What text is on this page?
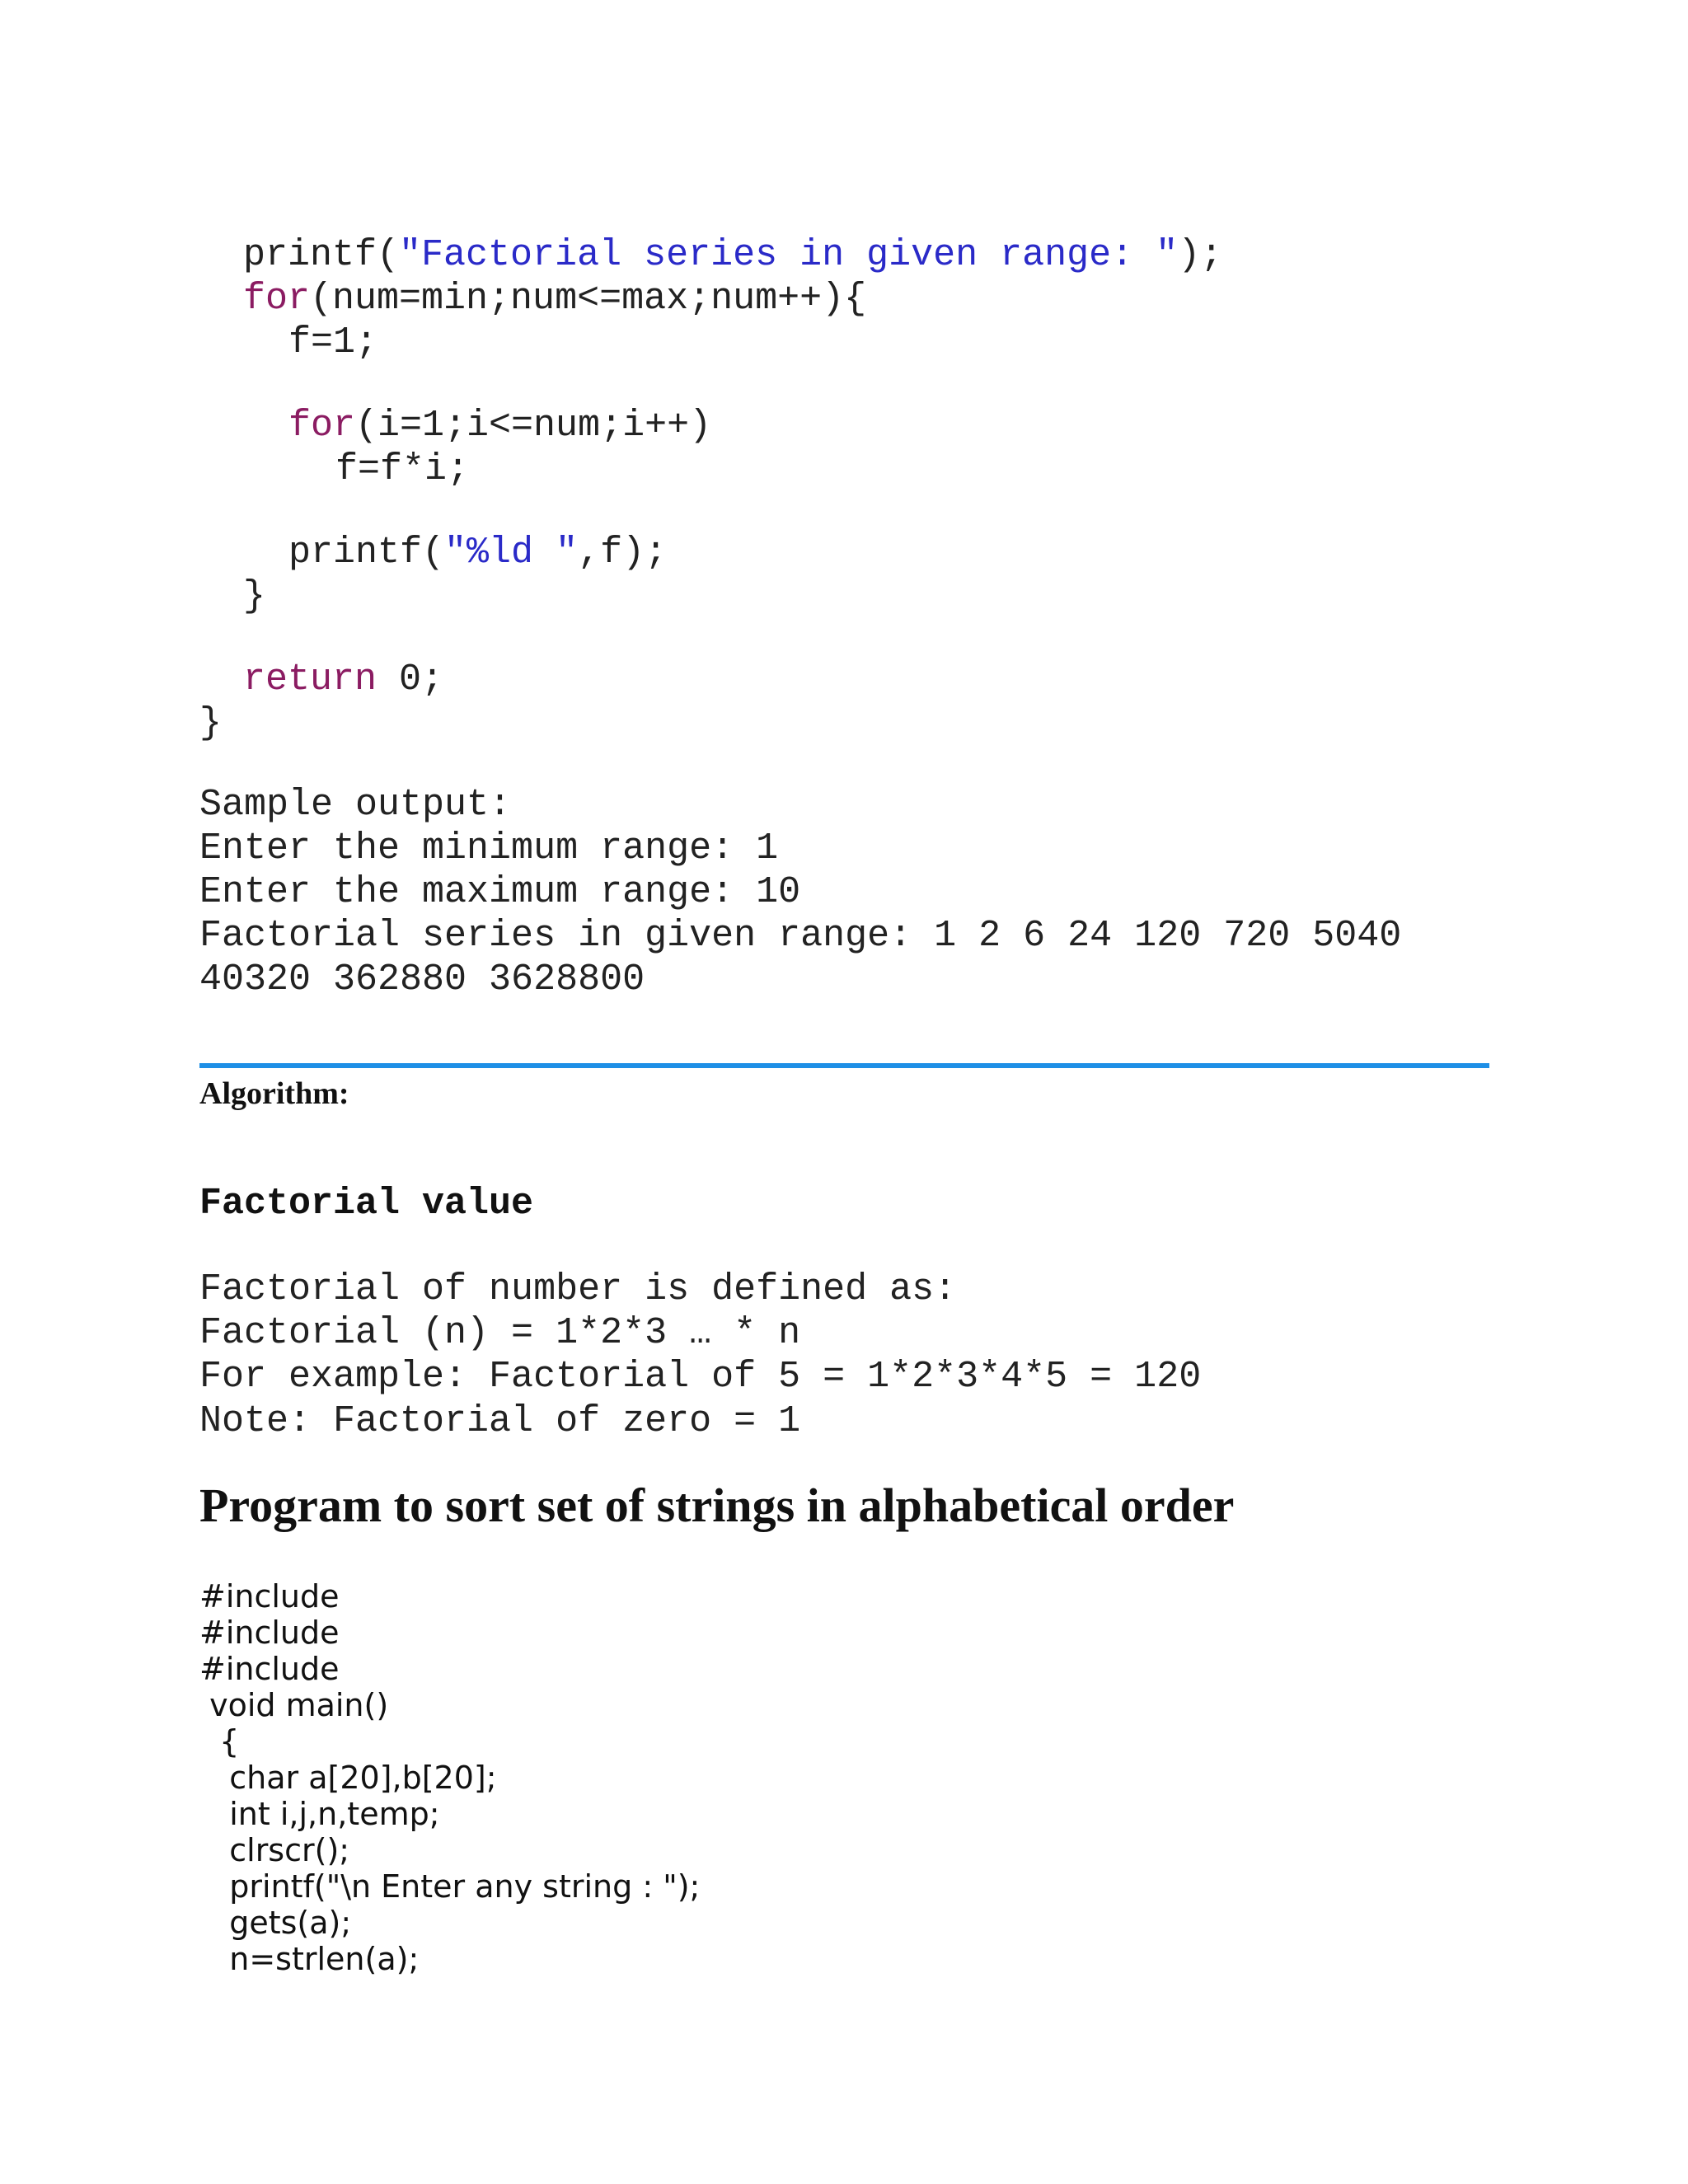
printf("Factorial series in given range: ");

for(num=min;num<=max;num++){

f=1;

for(i=1;i<=num;i++)

f=f*i;

printf("%ld ",f);

}

return 0;

}

Sample output:
Enter the minimum range: 1
Enter the maximum range: 10
Factorial series in given range: 1 2 6 24 120 720 5040
40320 362880 3628800
Algorithm:
Factorial value
Factorial of number is defined as:
Factorial (n) = 1*2*3 … * n
For example: Factorial of 5 = 1*2*3*4*5 = 120
Note: Factorial of zero = 1
Program to sort set of strings in alphabetical order
#include
#include
#include
void main()
{
char a[20],b[20];
int i,j,n,temp;
clrscr();
printf("\n Enter any string : ");
gets(a);
n=strlen(a);
